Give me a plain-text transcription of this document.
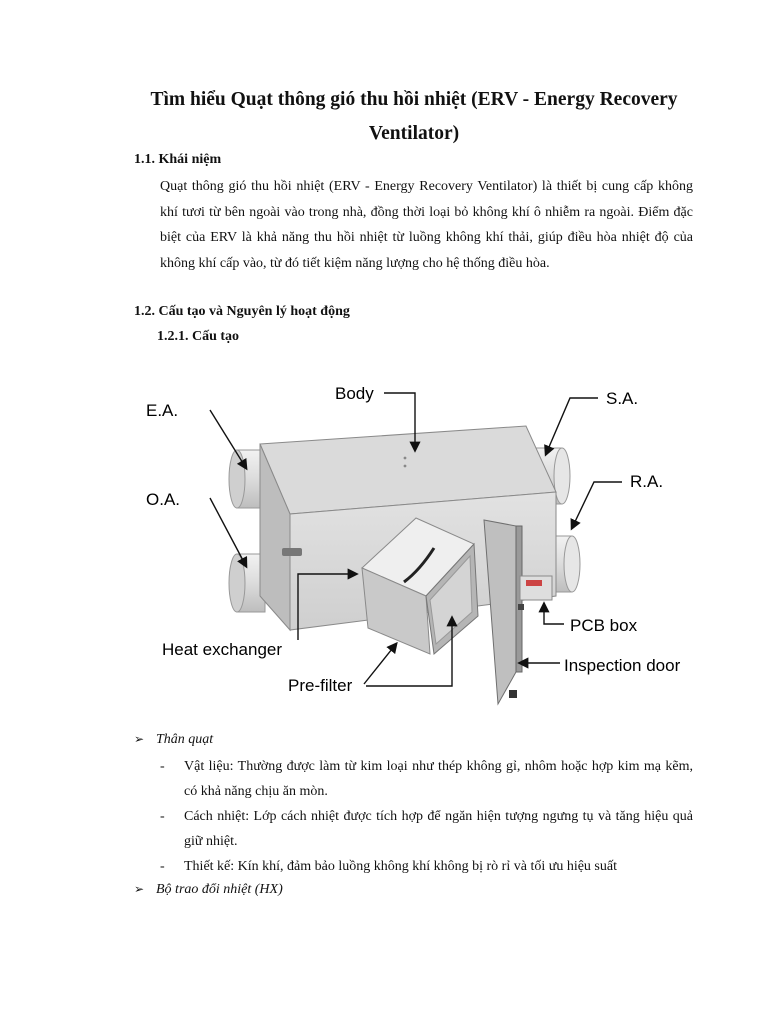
Tìm hiểu Quạt thông gió thu hồi nhiệt (ERV - Energy Recovery Ventilator)
1.1. Khái niệm
Quạt thông gió thu hồi nhiệt (ERV - Energy Recovery Ventilator) là thiết bị cung cấp không khí tươi từ bên ngoài vào trong nhà, đồng thời loại bỏ không khí ô nhiễm ra ngoài. Điểm đặc biệt của ERV là khả năng thu hồi nhiệt từ luồng không khí thải, giúp điều hòa nhiệt độ của không khí cấp vào, từ đó tiết kiệm năng lượng cho hệ thống điều hòa.
1.2. Cấu tạo và Nguyên lý hoạt động
1.2.1. Cấu tạo
E.A.
O.A.
Body	S.A.
R.A.
Heat exchanger
Pre-filter
PCB box
Inspection door
➢ Thân quạt
- Vật liệu: Thường được làm từ kim loại như thép không gỉ, nhôm hoặc hợp kim mạ kẽm, có khả năng chịu ăn mòn.
- Cách nhiệt: Lớp cách nhiệt được tích hợp để ngăn hiện tượng ngưng tụ và tăng hiệu quả giữ nhiệt.
- Thiết kế: Kín khí, đảm bảo luồng không khí không bị rò rỉ và tối ưu hiệu suất
➢ Bộ trao đổi nhiệt (HX)
